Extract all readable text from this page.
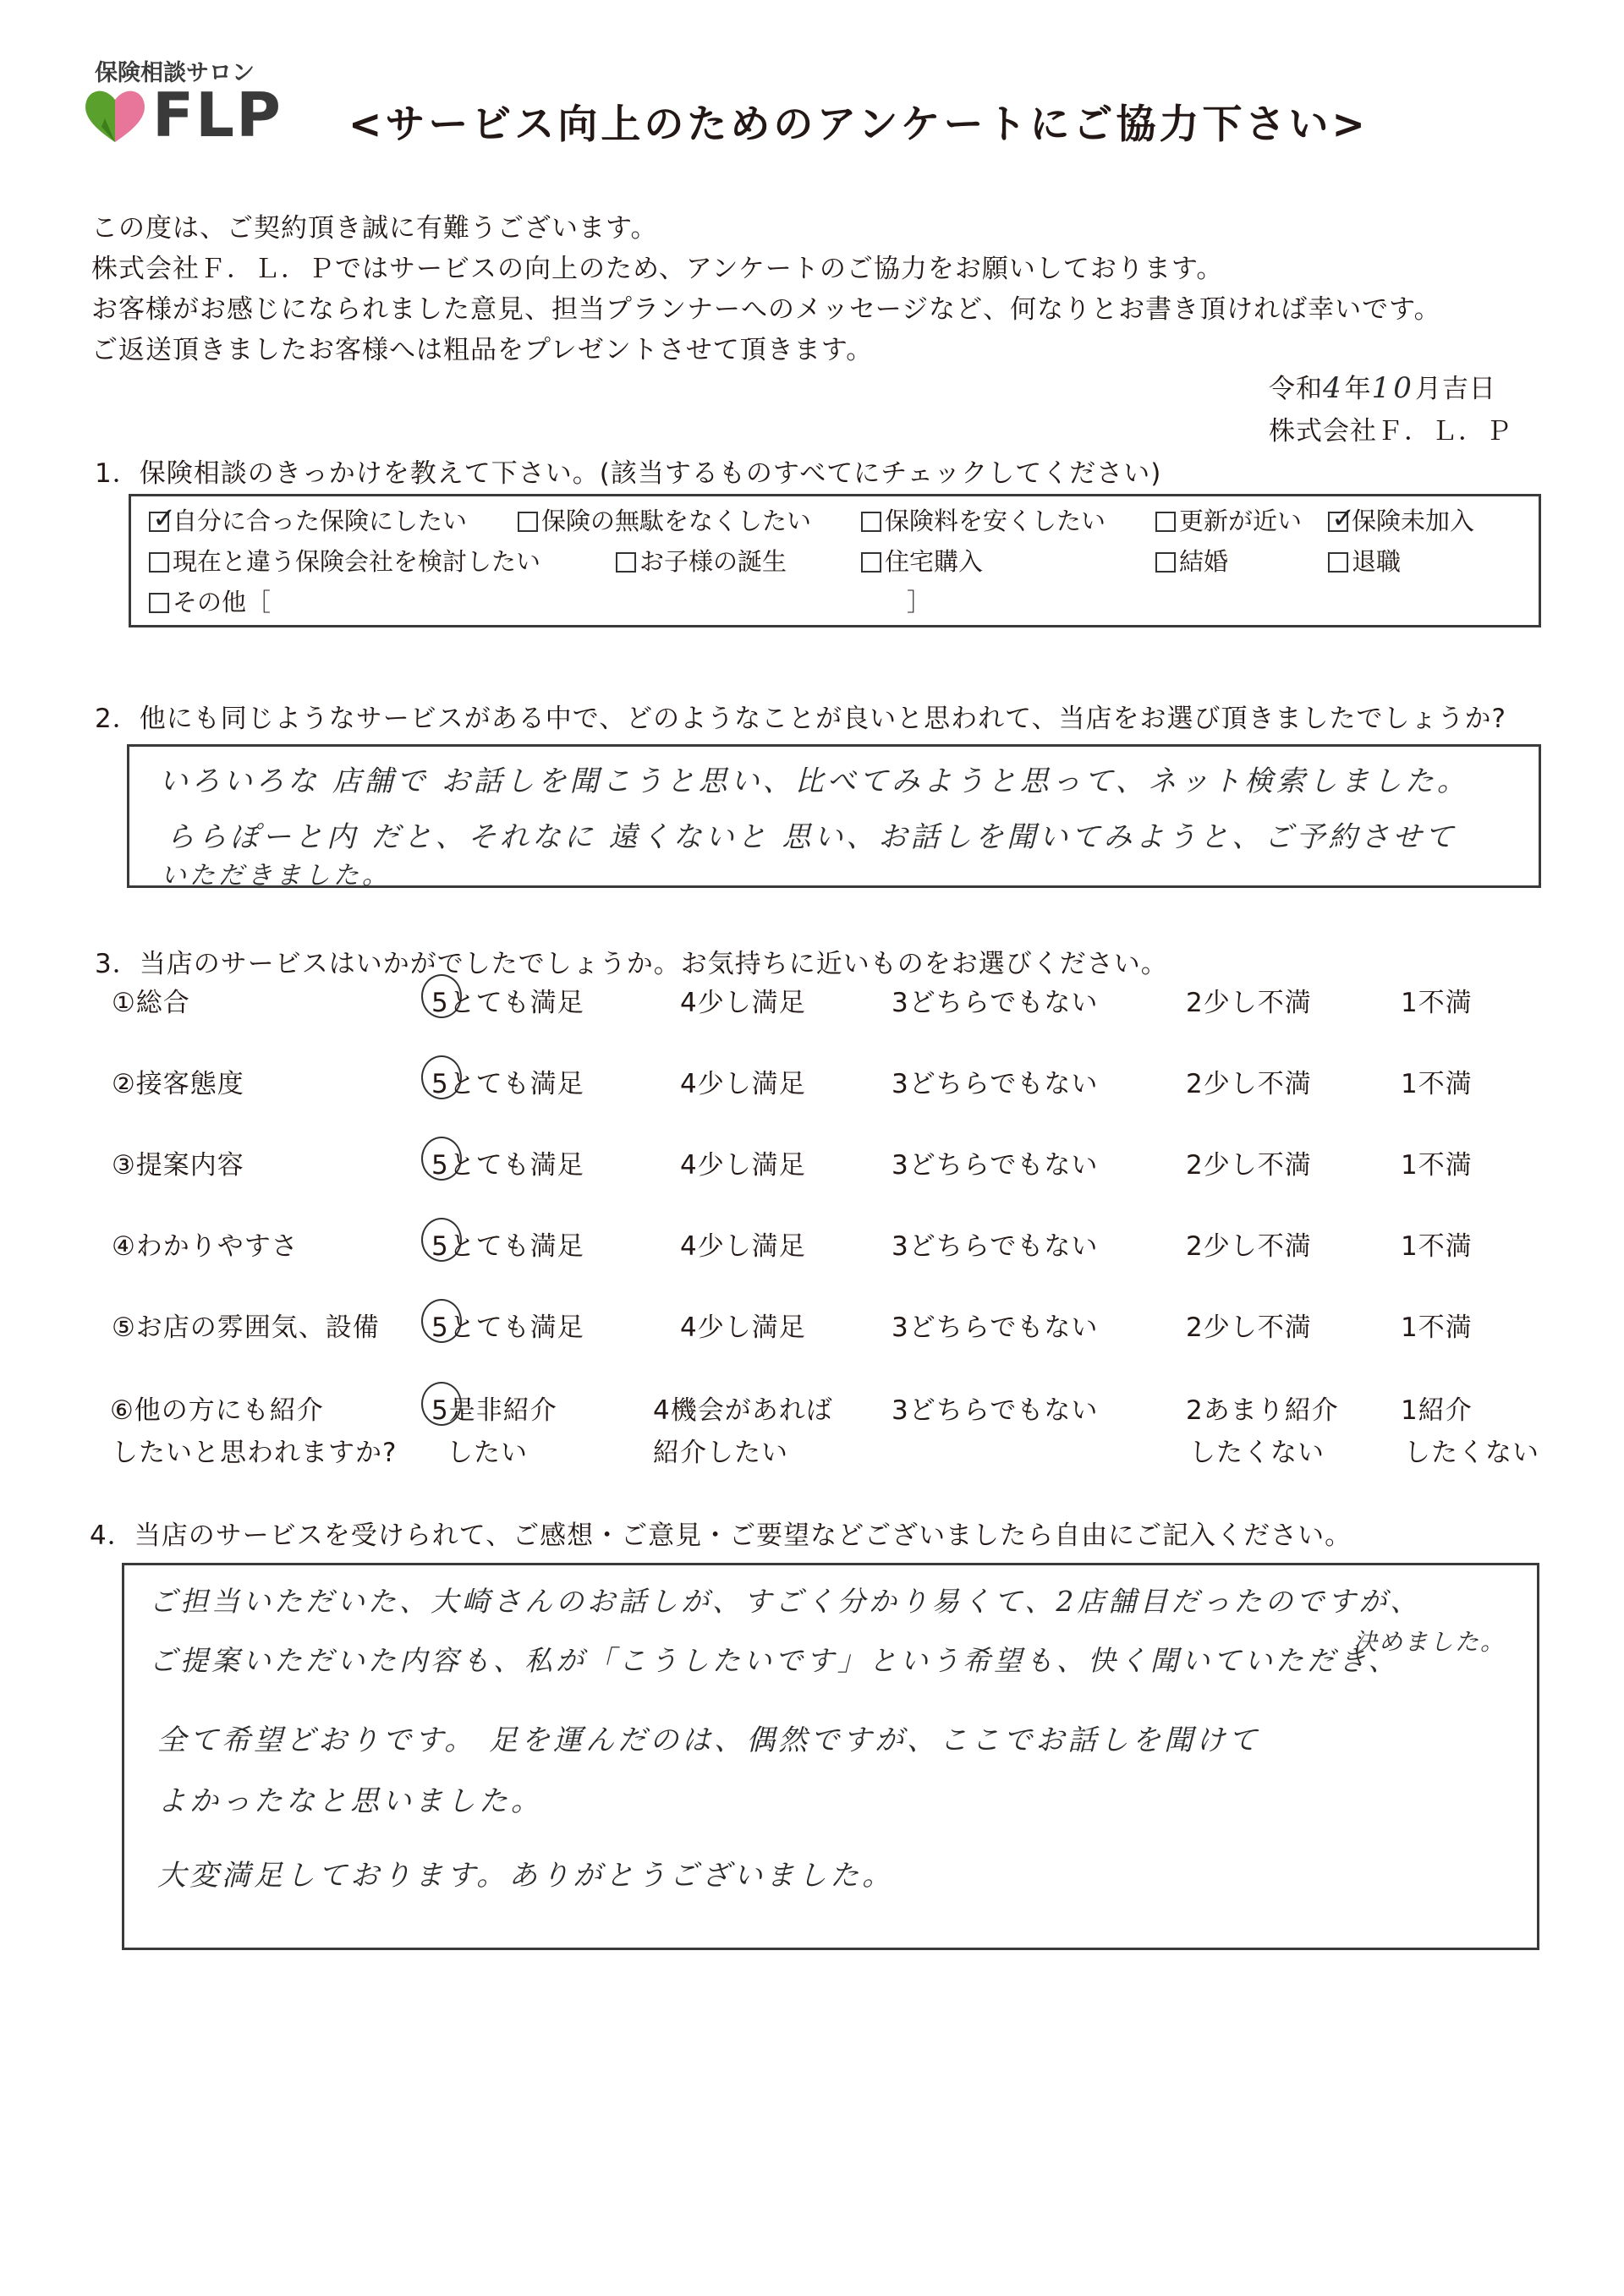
保険相談サロン
FLP <サービス向上のためのアンケートにご協力下さい>
この度は、ご契約頂き誠に有難うございます。
株式会社Ｆ．Ｌ．Ｐではサービスの向上のため、アンケートのご協力をお願いしております。
お客様がお感じになられました意見、担当プランナーへのメッセージなど、何なりとお書き頂ければ幸いです。
ご返送頂きましたお客様へは粗品をプレゼントさせて頂きます。
令和4年10月吉日
株式会社Ｆ．Ｌ．Ｐ
1．保険相談のきっかけを教えて下さい。(該当するものすべてにチェックしてください)
✓自分に合った保険にしたい	保険の無駄をなくしたい	保険料を安くしたい	更新が近い
✓	保険未加入
現在と違う保険会社を検討したい	お子様の誕生	住宅購入	結婚	退職
その他［	］
2．他にも同じようなサービスがある中で、どのようなことが良いと思われて、当店をお選び頂きましたでしょうか?
いろいろな 店舗で お話しを聞こうと思い、比べてみようと思って、ネット検索しました。
ららぽーと内 だと、それなに 遠くないと 思い、お話しを聞いてみようと、ご予約させて
いただきました。
3．当店のサービスはいかがでしたでしょうか。お気持ちに近いものをお選びください。
①総合	5とても満足	4少し満足	3どちらでもない	2少し不満	1不満
②接客態度	5とても満足	4少し満足	3どちらでもない	2少し不満	1不満
③提案内容	5とても満足	4少し満足	3どちらでもない	2少し不満	1不満
④わかりやすさ	5とても満足	4少し満足	3どちらでもない	2少し不満	1不満
⑤お店の雰囲気、設備 5とても満足	4少し満足	3どちらでもない	2少し不満	1不満
⑥他の方にも紹介
したいと思われますか?
5是非紹介
したい
4機会があれば
紹介したい
3どちらでもない	2あまり紹介
したくない
1紹介
したくない
4．当店のサービスを受けられて、ご感想・ご意見・ご要望などございましたら自由にご記入ください。
ご担当いただいた、大崎さんのお話しが、すごく分かり易くて、2店舗目だったのですが、
決めました。
ご提案いただいた内容も、私が「こうしたいです」という希望も、快く聞いていただき、
全て希望どおりです。 足を運んだのは、偶然ですが、ここでお話しを聞けて
よかったなと思いました。
大変満足しております。ありがとうございました。
